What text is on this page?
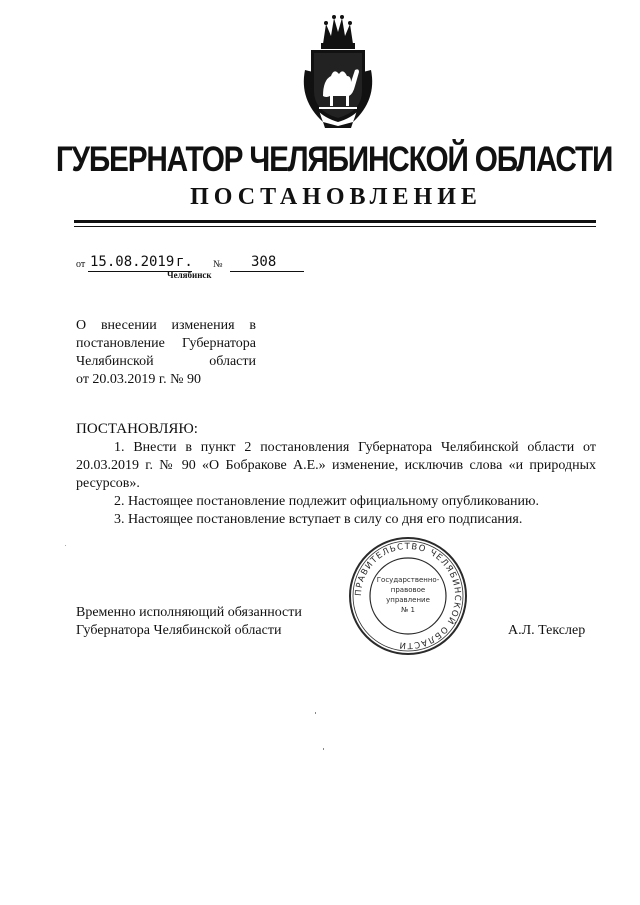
ГУБЕРНАТОР ЧЕЛЯБИНСКОЙ ОБЛАСТИ
ПОСТАНОВЛЕНИЕ
от 15.08.2019 г. № 308
Челябинск
О внесении изменения в
постановление Губернатора
Челябинской области
от 20.03.2019 г. № 90
ПОСТАНОВЛЯЮ:
1. Внести в пункт 2 постановления Губернатора Челябинской области от 20.03.2019 г. № 90 «О Бобракове А.Е.» изменение, исключив слова «и природных ресурсов».
2. Настоящее постановление подлежит официальному опубликованию.
3. Настоящее постановление вступает в силу со дня его подписания.
ПРАВИТЕЛЬСТВО ЧЕЛЯБИНСКОЙ ОБЛАСТИ
Государственно-
правовое
управление
№ 1
Временно исполняющий обязанности
Губернатора Челябинской области	А.Л. Текслер
